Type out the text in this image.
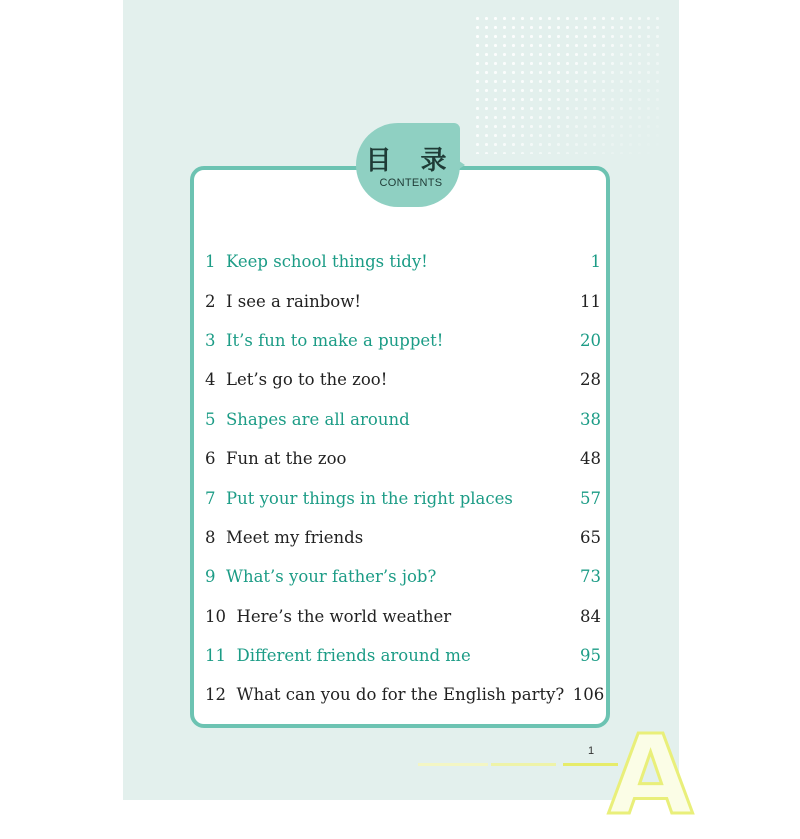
目 录
CONTENTS
1 Keep school things tidy!	1
2 I see a rainbow!	11
3 It’s fun to make a puppet!	20
4 Let’s go to the zoo!	28
5 Shapes are all around	38
6 Fun at the zoo	48
7 Put your things in the right places	57
8 Meet my friends	65
9 What’s your father’s job?	73
10 Here’s the world weather	84
11 Different friends around me	95
12 What can you do for the English party? 106
1 A
